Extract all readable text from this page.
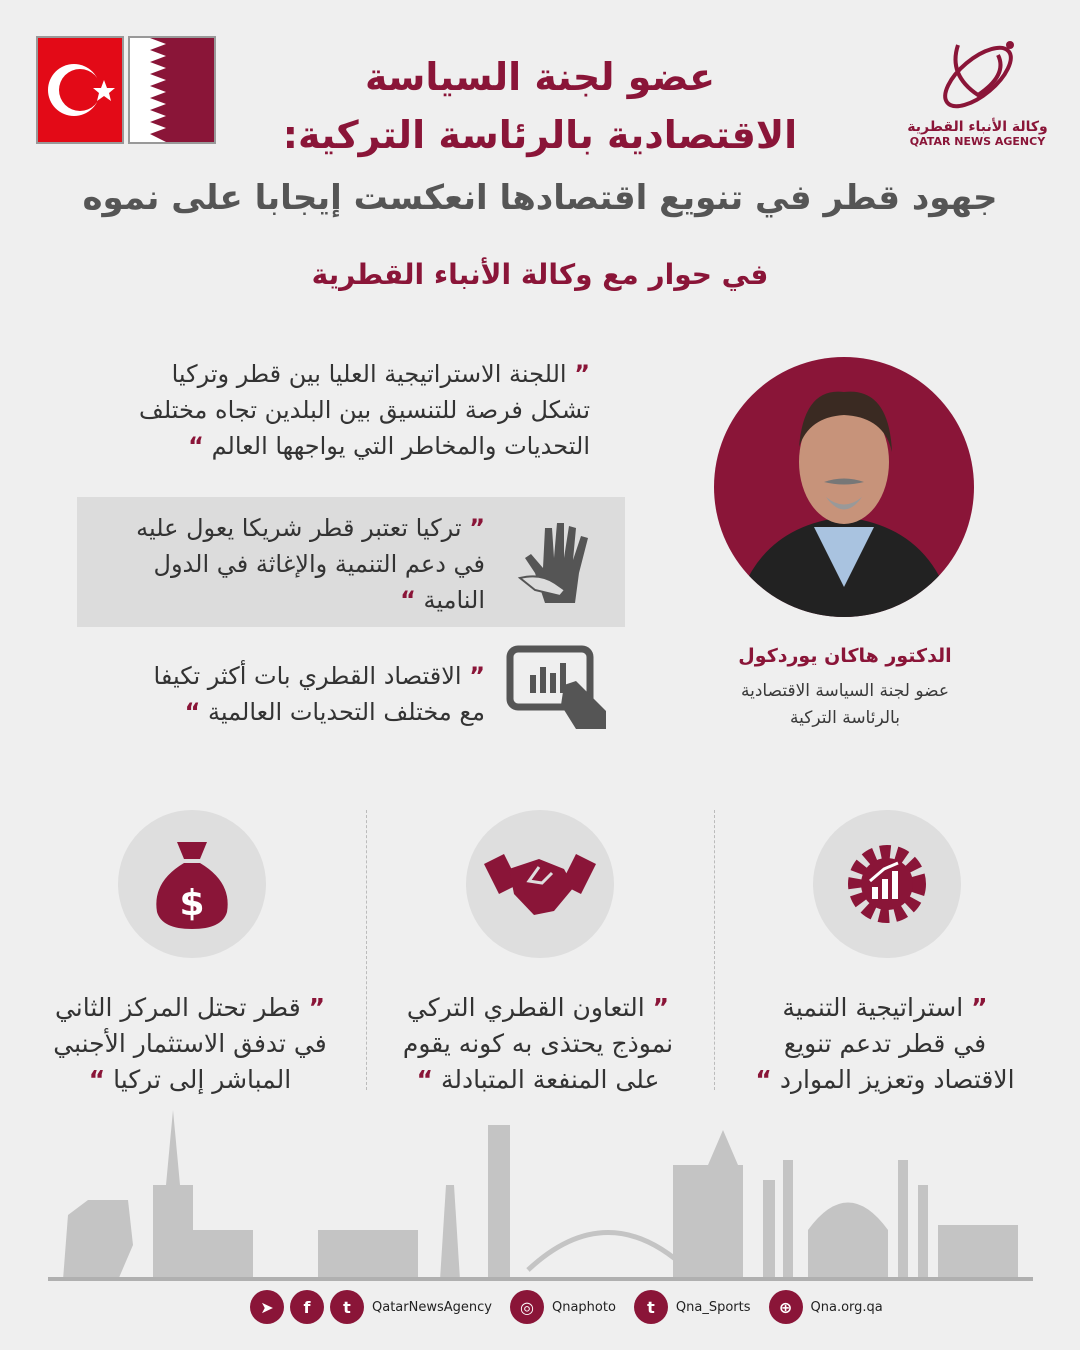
عضو لجنة السياسة
الاقتصادية بالرئاسة التركية:	وكالة الأنباء القطرية
QATAR NEWS AGENCY
جهود قطر في تنويع اقتصادها انعكست إيجابا على نموه
في حوار مع وكالة الأنباء القطرية
” اللجنة الاستراتيجية العليا بين قطر وتركيا
تشكل فرصة للتنسيق بين البلدين تجاه مختلف
التحديات والمخاطر التي يواجهها العالم “
” تركيا تعتبر قطر شريكا يعول عليه
في دعم التنمية والإغاثة في الدول
النامية “
” الاقتصاد القطري بات أكثر تكيفا
مع مختلف التحديات العالمية “
الدكتور هاكان يوردكول
عضو لجنة السياسة الاقتصادية
بالرئاسة التركية
$
” قطر تحتل المركز الثاني
في تدفق الاستثمار الأجنبي
المباشر إلى تركيا “
” التعاون القطري التركي
نموذج يحتذى به كونه يقوم
على المنفعة المتبادلة “
” استراتيجية التنمية
في قطر تدعم تنويع
الاقتصاد وتعزيز الموارد “
➤	f	t	QatarNewsAgency	◎	Qnaphoto	t	Qna_Sports	⊕	Qna.org.qa
